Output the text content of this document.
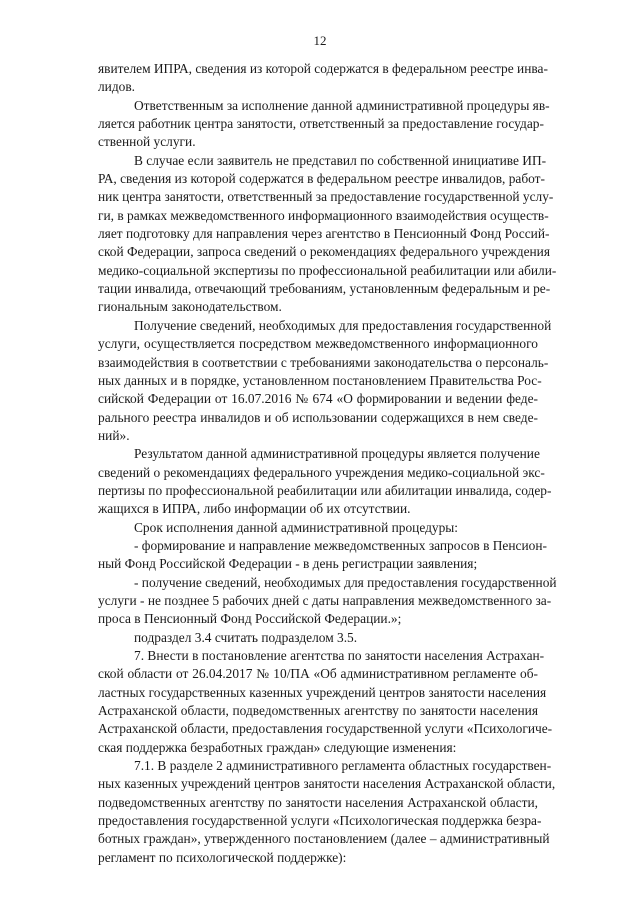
12
явителем ИПРА, сведения из которой содержатся в федеральном реестре инва-
лидов.
Ответственным за исполнение данной административной процедуры яв-
ляется работник центра занятости, ответственный за предоставление государ-
ственной услуги.
В случае если заявитель не представил по собственной инициативе ИП-
РА, сведения из которой содержатся в федеральном реестре инвалидов, работ-
ник центра занятости, ответственный за предоставление государственной услу-
ги, в рамках межведомственного информационного взаимодействия осуществ-
ляет подготовку для направления через агентство в Пенсионный Фонд Россий-
ской Федерации, запроса сведений о рекомендациях федерального учреждения
медико-социальной экспертизы по профессиональной реабилитации или абили-
тации инвалида, отвечающий требованиям, установленным федеральным и ре-
гиональным законодательством.
Получение сведений, необходимых для предоставления государственной
услуги, осуществляется посредством межведомственного информационного
взаимодействия в соответствии с требованиями законодательства о персональ-
ных данных и в порядке, установленном постановлением Правительства Рос-
сийской Федерации от 16.07.2016 № 674 «О формировании и ведении феде-
рального реестра инвалидов и об использовании содержащихся в нем сведе-
ний».
Результатом данной административной процедуры является получение
сведений о рекомендациях федерального учреждения медико-социальной экс-
пертизы по профессиональной реабилитации или абилитации инвалида, содер-
жащихся в ИПРА, либо информации об их отсутствии.
Срок исполнения данной административной процедуры:
- формирование и направление межведомственных запросов в Пенсион-
ный Фонд Российской Федерации - в день регистрации заявления;
- получение сведений, необходимых для предоставления государственной
услуги - не позднее 5 рабочих дней с даты направления межведомственного за-
проса в Пенсионный Фонд Российской Федерации.»;
подраздел 3.4 считать подразделом 3.5.
7. Внести в постановление агентства по занятости населения Астрахан-
ской области от 26.04.2017 № 10/ПА «Об административном регламенте об-
ластных государственных казенных учреждений центров занятости населения
Астраханской области, подведомственных агентству по занятости населения
Астраханской области, предоставления государственной услуги «Психологиче-
ская поддержка безработных граждан» следующие изменения:
7.1. В разделе 2 административного регламента областных государствен-
ных казенных учреждений центров занятости населения Астраханской области,
подведомственных агентству по занятости населения Астраханской области,
предоставления государственной услуги «Психологическая поддержка безра-
ботных граждан», утвержденного постановлением (далее – административный
регламент по психологической поддержке):
